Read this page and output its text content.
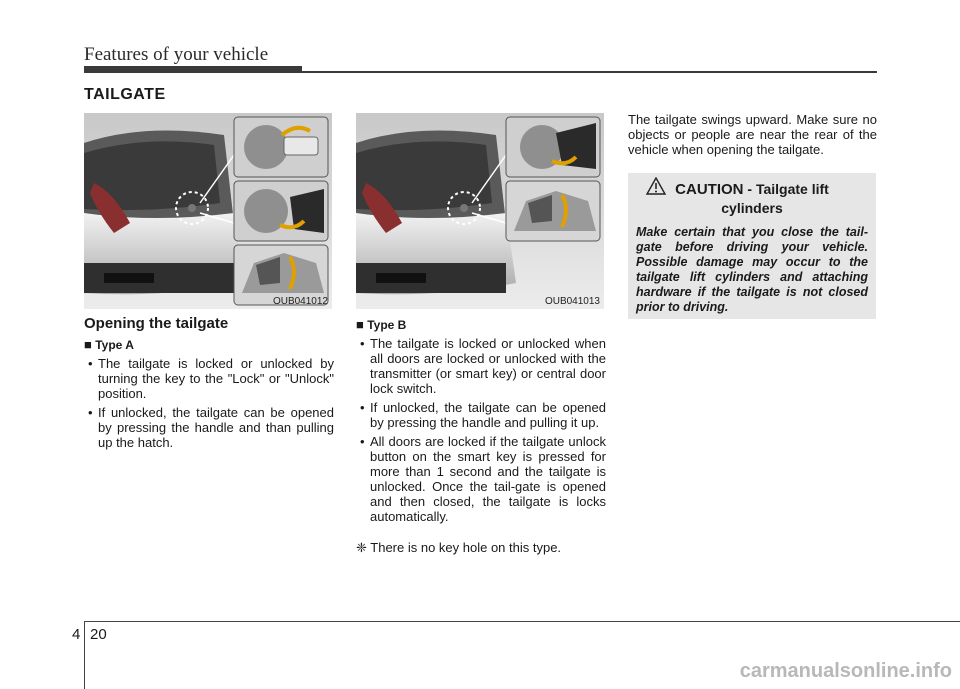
Features of your vehicle
TAILGATE
OUB041012	OUB041013
Opening the tailgate
■ Type A

• The tailgate is locked or unlocked by turning the key to the "Lock" or "Unlock" position.

• If unlocked, the tailgate can be opened by pressing the handle and than pulling up the hatch.

■ Type B

• The tailgate is locked or unlocked when all doors are locked or unlocked with the transmitter (or smart key) or central door lock switch.

• If unlocked, the tailgate can be opened by pressing the handle and pulling it up.

• All doors are locked if the tailgate unlock button on the smart key is pressed for more than 1 second and the tailgate is unlocked. Once the tail-gate is opened and then closed, the tailgate is locks automatically.

❈ There is no key hole on this type.

The tailgate swings upward. Make sure no objects or people are near the rear of the vehicle when opening the tailgate.

CAUTION - Tailgate lift
cylinders
Make certain that you close the tail-gate before driving your vehicle. Possible damage may occur to the tailgate lift cylinders and attaching hardware if the tailgate is not closed prior to driving.
4 20
carmanualsonline.info
